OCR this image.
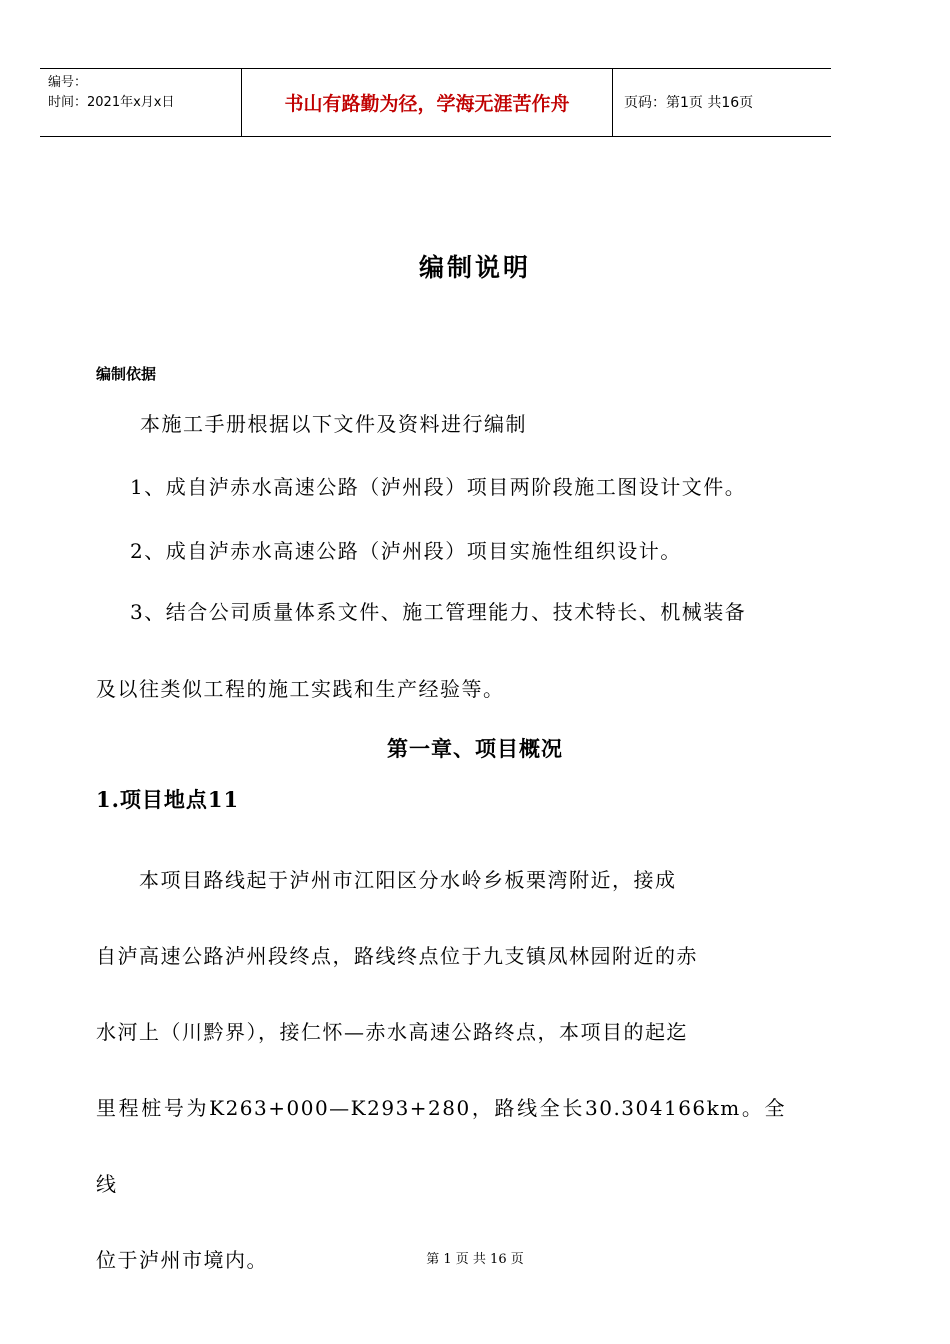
编号：
时间：2021年x月x日	书山有路勤为径，学海无涯苦作舟	页码：第1页 共16页
编制说明
编制依据
本施工手册根据以下文件及资料进行编制
1、成自泸赤水高速公路（泸州段）项目两阶段施工图设计文件。
2、成自泸赤水高速公路（泸州段）项目实施性组织设计。
3、结合公司质量体系文件、施工管理能力、技术特长、机械装备
及以往类似工程的施工实践和生产经验等。
第一章、项目概况
1.项目地点11

　　本项目路线起于泸州市江阳区分水岭乡板栗湾附近，接成

自泸高速公路泸州段终点，路线终点位于九支镇凤林园附近的赤

水河上（川黔界），接仁怀—赤水高速公路终点，本项目的起迄

里程桩号为K263+000—K293+280，路线全长30.304166km。全线

位于泸州市境内。	第 1 页 共 16 页
